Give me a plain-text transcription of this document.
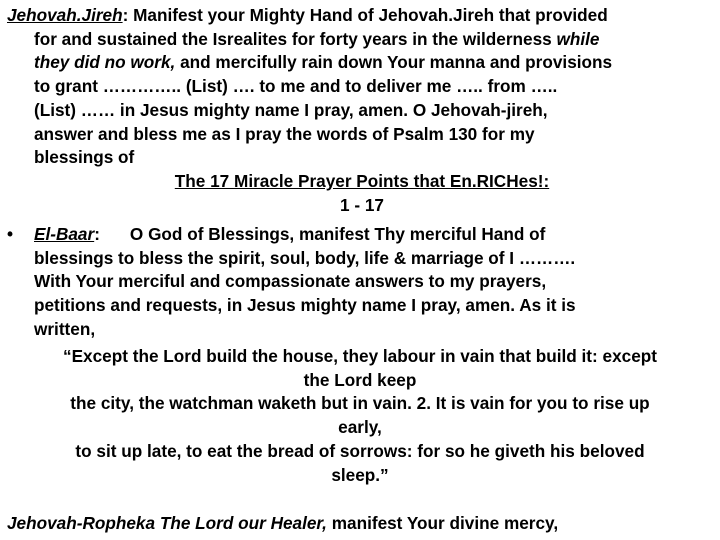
Jehovah.Jireh: Manifest your Mighty Hand of Jehovah.Jireh that provided
for and sustained the Isrealites for forty years in the wilderness while
they did no work, and mercifully rain down Your manna and provisions
to grant ………….. (List) …. to me and to deliver me ….. from …..
(List) …… in Jesus mighty name I pray, amen. O Jehovah-jireh,
answer and bless me as I pray the words of Psalm 130 for my
blessings of
The 17 Miracle Prayer Points that En.RICHes!:
1 - 17
• El-Baar: O God of Blessings, manifest Thy merciful Hand of
blessings to bless the spirit, soul, body, life & marriage of I ……….
With Your merciful and compassionate answers to my prayers,
petitions and requests, in Jesus mighty name I pray, amen. As it is
written,
“Except the Lord build the house, they labour in vain that build it: except
the Lord keep
the city, the watchman waketh but in vain. 2. It is vain for you to rise up
early,
to sit up late, to eat the bread of sorrows: for so he giveth his beloved
sleep.”
Jehovah-Ropheka The Lord our Healer, manifest Your divine mercy,
